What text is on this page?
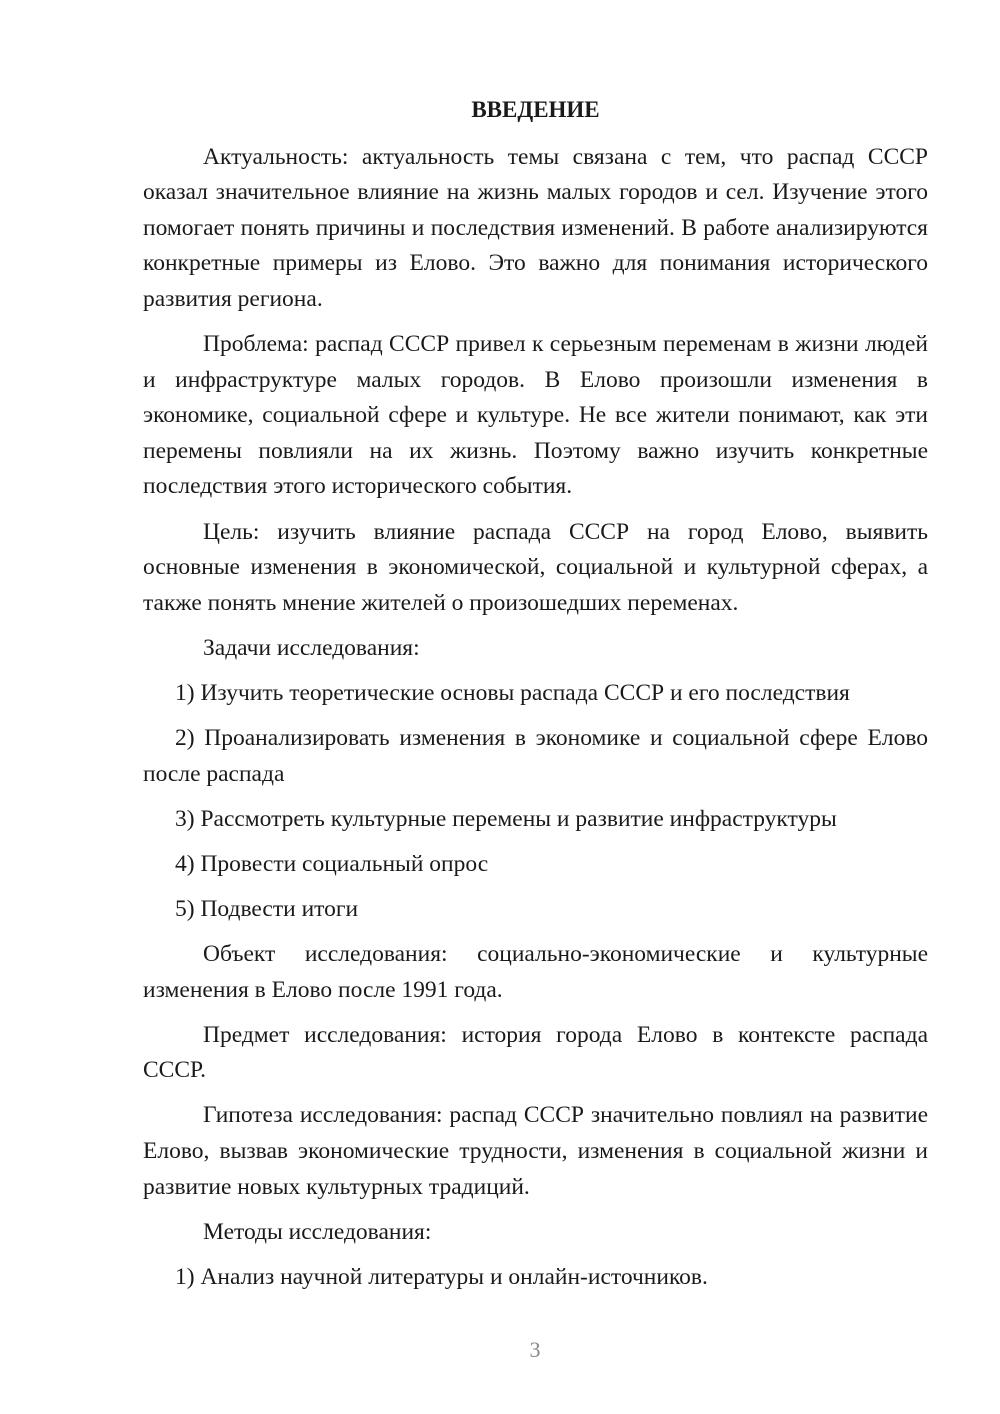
ВВЕДЕНИЕ

Актуальность: актуальность темы связана с тем, что распад СССР оказал значительное влияние на жизнь малых городов и сел. Изучение этого помогает понять причины и последствия изменений. В работе анализируются конкретные примеры из Елово. Это важно для понимания исторического развития региона.

Проблема: распад СССР привел к серьезным переменам в жизни людей и инфраструктуре малых городов. В Елово произошли изменения в экономике, социальной сфере и культуре. Не все жители понимают, как эти перемены повлияли на их жизнь. Поэтому важно изучить конкретные последствия этого исторического события.

Цель: изучить влияние распада СССР на город Елово, выявить основные изменения в экономической, социальной и культурной сферах, а также понять мнение жителей о произошедших переменах.

Задачи исследования:

1) Изучить теоретические основы распада СССР и его последствия

2) Проанализировать изменения в экономике и социальной сфере Елово после распада

3) Рассмотреть культурные перемены и развитие инфраструктуры

4) Провести социальный опрос

5) Подвести итоги

Объект исследования: социально-экономические и культурные изменения в Елово после 1991 года.

Предмет исследования: история города Елово в контексте распада СССР.

Гипотеза исследования: распад СССР значительно повлиял на развитие Елово, вызвав экономические трудности, изменения в социальной жизни и развитие новых культурных традиций.

Методы исследования:

1) Анализ научной литературы и онлайн-источников.

3
